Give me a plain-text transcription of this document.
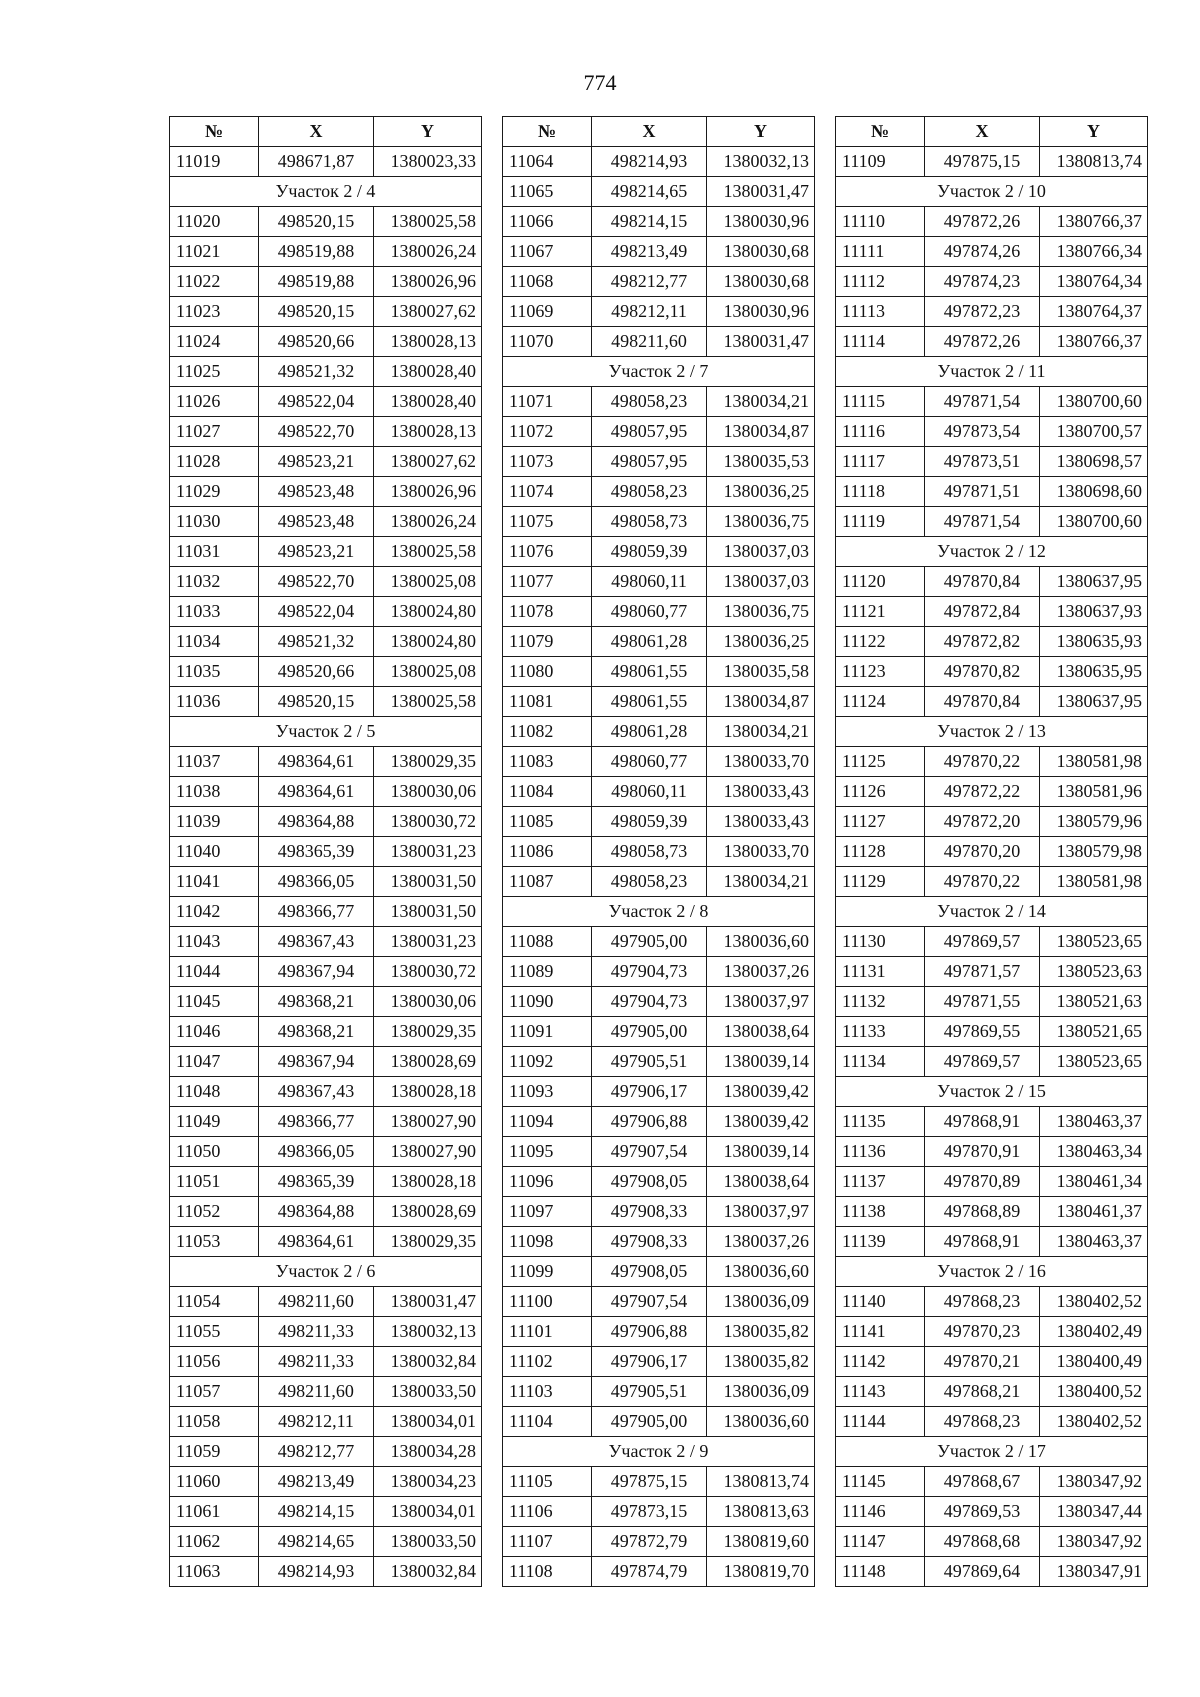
774
№	X	Y
11019	498671,87	1380023,33
Участок 2 / 4		
11020	498520,15	1380025,58
11021	498519,88	1380026,24
11022	498519,88	1380026,96
11023	498520,15	1380027,62
11024	498520,66	1380028,13
11025	498521,32	1380028,40
11026	498522,04	1380028,40
11027	498522,70	1380028,13
11028	498523,21	1380027,62
11029	498523,48	1380026,96
11030	498523,48	1380026,24
11031	498523,21	1380025,58
11032	498522,70	1380025,08
11033	498522,04	1380024,80
11034	498521,32	1380024,80
11035	498520,66	1380025,08
11036	498520,15	1380025,58
Участок 2 / 5		
11037	498364,61	1380029,35
11038	498364,61	1380030,06
11039	498364,88	1380030,72
11040	498365,39	1380031,23
11041	498366,05	1380031,50
11042	498366,77	1380031,50
11043	498367,43	1380031,23
11044	498367,94	1380030,72
11045	498368,21	1380030,06
11046	498368,21	1380029,35
11047	498367,94	1380028,69
11048	498367,43	1380028,18
11049	498366,77	1380027,90
11050	498366,05	1380027,90
11051	498365,39	1380028,18
11052	498364,88	1380028,69
11053	498364,61	1380029,35
Участок 2 / 6		
11054	498211,60	1380031,47
11055	498211,33	1380032,13
11056	498211,33	1380032,84
11057	498211,60	1380033,50
11058	498212,11	1380034,01
11059	498212,77	1380034,28
11060	498213,49	1380034,23
11061	498214,15	1380034,01
11062	498214,65	1380033,50
11063	498214,93	1380032,84
№	X	Y
11064	498214,93	1380032,13
11065	498214,65	1380031,47
11066	498214,15	1380030,96
11067	498213,49	1380030,68
11068	498212,77	1380030,68
11069	498212,11	1380030,96
11070	498211,60	1380031,47
Участок 2 / 7		
11071	498058,23	1380034,21
11072	498057,95	1380034,87
11073	498057,95	1380035,53
11074	498058,23	1380036,25
11075	498058,73	1380036,75
11076	498059,39	1380037,03
11077	498060,11	1380037,03
11078	498060,77	1380036,75
11079	498061,28	1380036,25
11080	498061,55	1380035,58
11081	498061,55	1380034,87
11082	498061,28	1380034,21
11083	498060,77	1380033,70
11084	498060,11	1380033,43
11085	498059,39	1380033,43
11086	498058,73	1380033,70
11087	498058,23	1380034,21
Участок 2 / 8		
11088	497905,00	1380036,60
11089	497904,73	1380037,26
11090	497904,73	1380037,97
11091	497905,00	1380038,64
11092	497905,51	1380039,14
11093	497906,17	1380039,42
11094	497906,88	1380039,42
11095	497907,54	1380039,14
11096	497908,05	1380038,64
11097	497908,33	1380037,97
11098	497908,33	1380037,26
11099	497908,05	1380036,60
11100	497907,54	1380036,09
11101	497906,88	1380035,82
11102	497906,17	1380035,82
11103	497905,51	1380036,09
11104	497905,00	1380036,60
Участок 2 / 9		
11105	497875,15	1380813,74
11106	497873,15	1380813,63
11107	497872,79	1380819,60
11108	497874,79	1380819,70
№	X	Y
11109	497875,15	1380813,74
Участок 2 / 10		
11110	497872,26	1380766,37
11111	497874,26	1380766,34
11112	497874,23	1380764,34
11113	497872,23	1380764,37
11114	497872,26	1380766,37
Участок 2 / 11		
11115	497871,54	1380700,60
11116	497873,54	1380700,57
11117	497873,51	1380698,57
11118	497871,51	1380698,60
11119	497871,54	1380700,60
Участок 2 / 12		
11120	497870,84	1380637,95
11121	497872,84	1380637,93
11122	497872,82	1380635,93
11123	497870,82	1380635,95
11124	497870,84	1380637,95
Участок 2 / 13		
11125	497870,22	1380581,98
11126	497872,22	1380581,96
11127	497872,20	1380579,96
11128	497870,20	1380579,98
11129	497870,22	1380581,98
Участок 2 / 14		
11130	497869,57	1380523,65
11131	497871,57	1380523,63
11132	497871,55	1380521,63
11133	497869,55	1380521,65
11134	497869,57	1380523,65
Участок 2 / 15		
11135	497868,91	1380463,37
11136	497870,91	1380463,34
11137	497870,89	1380461,34
11138	497868,89	1380461,37
11139	497868,91	1380463,37
Участок 2 / 16		
11140	497868,23	1380402,52
11141	497870,23	1380402,49
11142	497870,21	1380400,49
11143	497868,21	1380400,52
11144	497868,23	1380402,52
Участок 2 / 17		
11145	497868,67	1380347,92
11146	497869,53	1380347,44
11147	497868,68	1380347,92
11148	497869,64	1380347,91
